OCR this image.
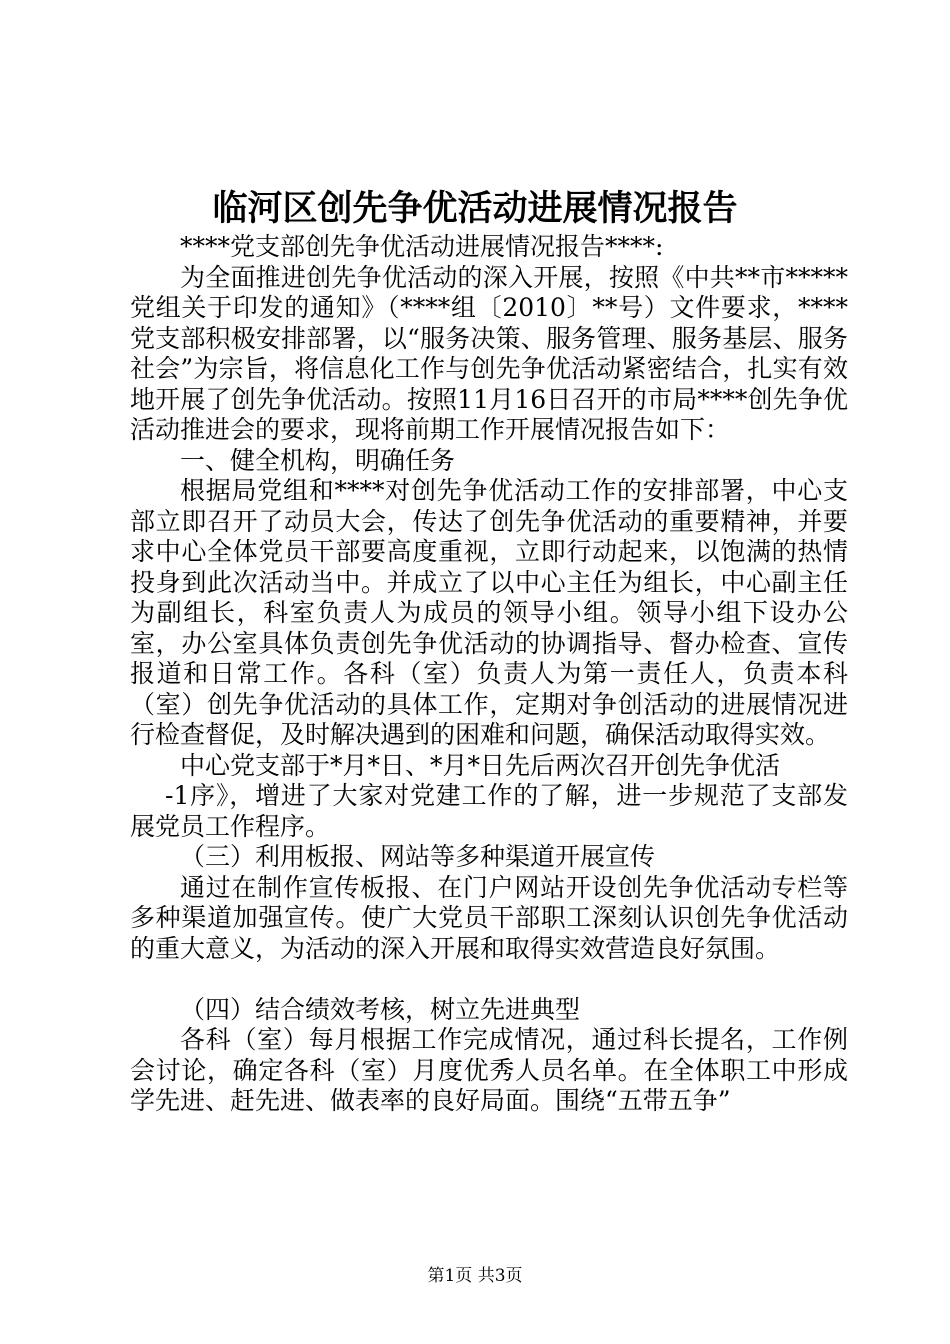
临河区创先争优活动进展情况报告

****党支部创先争优活动进展情况报告****:

为全面推进创先争优活动的深入开展，按照《中共**市*****党组关于印发的通知》（****组〔2010〕**号）文件要求，****党支部积极安排部署，以“服务决策、服务管理、服务基层、服务社会”为宗旨，将信息化工作与创先争优活动紧密结合，扎实有效地开展了创先争优活动。按照11月16日召开的市局****创先争优活动推进会的要求，现将前期工作开展情况报告如下：

一、健全机构，明确任务

根据局党组和****对创先争优活动工作的安排部署，中心支部立即召开了动员大会，传达了创先争优活动的重要精神，并要求中心全体党员干部要高度重视，立即行动起来，以饱满的热情投身到此次活动当中。并成立了以中心主任为组长，中心副主任为副组长，科室负责人为成员的领导小组。领导小组下设办公室，办公室具体负责创先争优活动的协调指导、督办检查、宣传报道和日常工作。各科（室）负责人为第一责任人，负责本科（室）创先争优活动的具体工作，定期对争创活动的进展情况进行检查督促，及时解决遇到的困难和问题，确保活动取得实效。

中心党支部于*月*日、*月*日先后两次召开创先争优活

-1序》，增进了大家对党建工作的了解，进一步规范了支部发展党员工作程序。

（三）利用板报、网站等多种渠道开展宣传

通过在制作宣传板报、在门户网站开设创先争优活动专栏等多种渠道加强宣传。使广大党员干部职工深刻认识创先争优活动的重大意义，为活动的深入开展和取得实效营造良好氛围。

（四）结合绩效考核，树立先进典型

各科（室）每月根据工作完成情况，通过科长提名，工作例会讨论，确定各科（室）月度优秀人员名单。在全体职工中形成学先进、赶先进、做表率的良好局面。围绕“五带五争”

第1页 共3页
